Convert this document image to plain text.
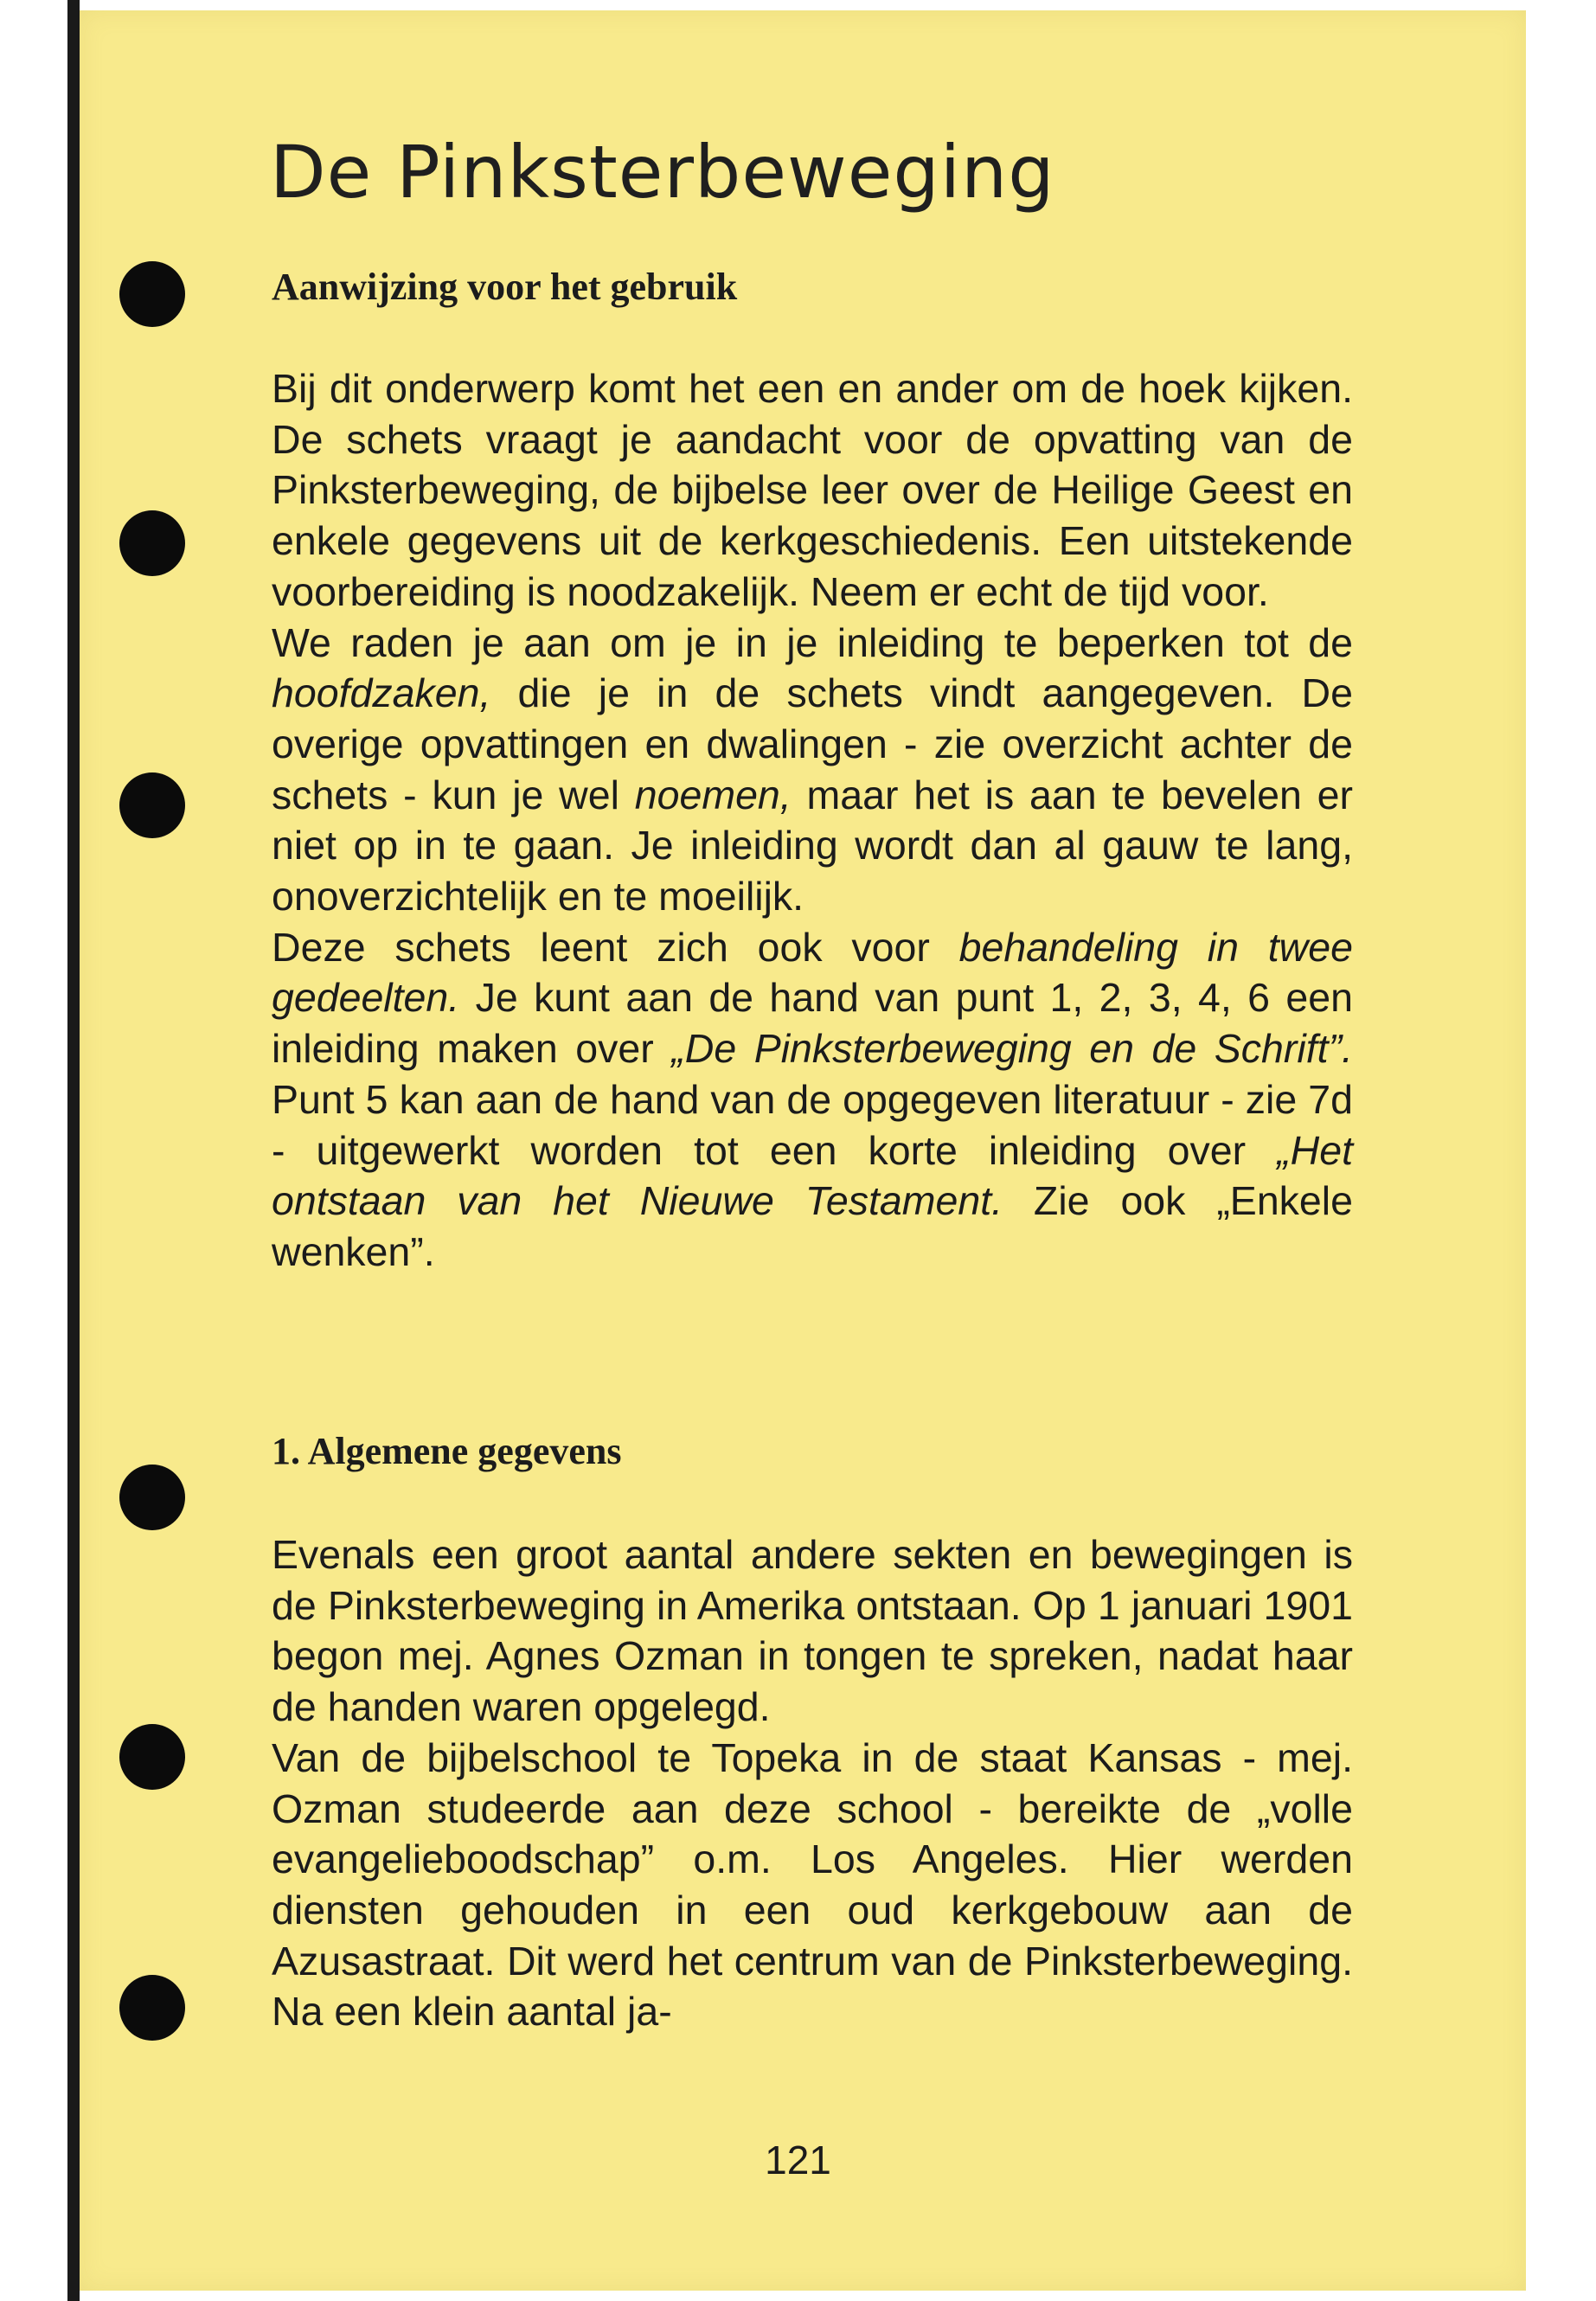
De Pinksterbeweging
Aanwijzing voor het gebruik

Bij dit onderwerp komt het een en ander om de hoek kijken. De schets vraagt je aandacht voor de opvatting van de Pinksterbeweging, de bijbelse leer over de Heilige Geest en enkele gegevens uit de kerkgeschiedenis. Een uitstekende voorbereiding is noodzakelijk. Neem er echt de tijd voor.

We raden je aan om je in je inleiding te beperken tot de hoofdzaken, die je in de schets vindt aangegeven. De overige opvattingen en dwalingen - zie overzicht achter de schets - kun je wel noemen, maar het is aan te bevelen er niet op in te gaan. Je inleiding wordt dan al gauw te lang, onoverzichtelijk en te moeilijk.

Deze schets leent zich ook voor behandeling in twee gedeelten. Je kunt aan de hand van punt 1, 2, 3, 4, 6 een inleiding maken over „De Pinksterbeweging en de Schrift”. Punt 5 kan aan de hand van de opgegeven literatuur - zie 7d - uitgewerkt worden tot een korte inleiding over „Het ontstaan van het Nieuwe Testament. Zie ook „Enkele wenken”.

1. Algemene gegevens

Evenals een groot aantal andere sekten en bewegingen is de Pinksterbeweging in Amerika ontstaan. Op 1 januari 1901 begon mej. Agnes Ozman in tongen te spreken, nadat haar de handen waren opgelegd.

Van de bijbelschool te Topeka in de staat Kansas - mej. Ozman studeerde aan deze school - bereikte de „volle evangelieboodschap” o.m. Los Angeles. Hier werden diensten gehouden in een oud kerkgebouw aan de Azusastraat. Dit werd het centrum van de Pinksterbeweging. Na een klein aantal ja-

121
